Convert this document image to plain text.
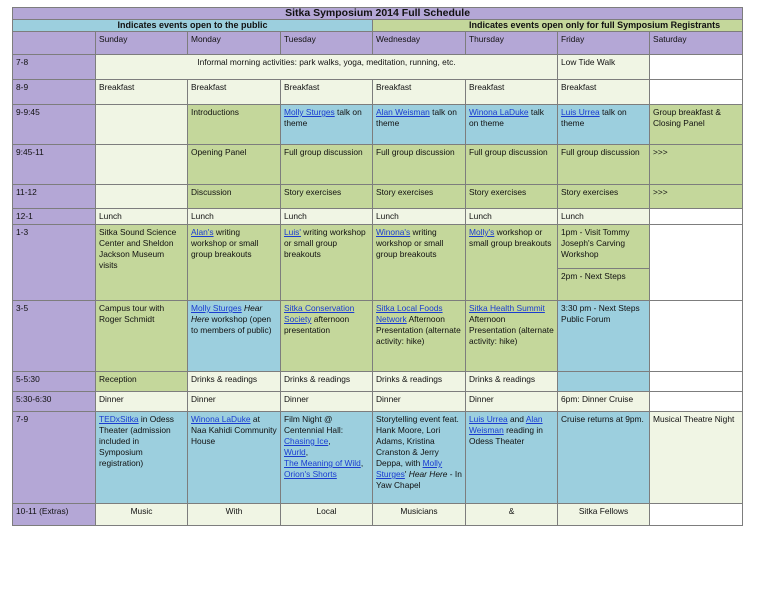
Sitka Symposium 2014 Full Schedule							
Indicates events open to the public				Indicates events open only for full Symposium Registrants			
	Sunday	Monday	Tuesday	Wednesday	Thursday	Friday	Saturday
7-8	Informal morning activities: park walks, yoga, meditation, running, etc.					Low Tide Walk	
8-9	Breakfast	Breakfast	Breakfast	Breakfast	Breakfast	Breakfast	
9-9:45		Introductions	Molly Sturges talk on theme	Alan Weisman talk on theme	Winona LaDuke talk on theme	Luis Urrea talk on theme	Group breakfast & Closing Panel
9:45-11		Opening Panel	Full group discussion	Full group discussion	Full group discussion	Full group discussion	>>>
11-12		Discussion	Story exercises	Story exercises	Story exercises	Story exercises	>>>
12-1	Lunch	Lunch	Lunch	Lunch	Lunch	Lunch	
1-3	Sitka Sound Science Center and Sheldon Jackson Museum visits	Alan's writing workshop or small group breakouts	Luis' writing workshop or small group breakouts	Winona's writing workshop or small group breakouts	Molly's workshop or small group breakouts	1pm - Visit Tommy Joseph's Carving Workshop	
						2pm - Next Steps	
3-5	Campus tour with Roger Schmidt	Molly Sturges Hear Here workshop (open to members of public)	Sitka Conservation Society afternoon presentation	Sitka Local Foods Network Afternoon Presentation (alternate activity: hike)	Sitka Health Summit Afternoon Presentation (alternate activity: hike)	3:30 pm - Next Steps Public Forum	
5-5:30	Reception	Drinks & readings	Drinks & readings	Drinks & readings	Drinks & readings		
5:30-6:30	Dinner	Dinner	Dinner	Dinner	Dinner	6pm: Dinner Cruise	
7-9	TEDxSitka in Odess Theater (admission included in Symposium registration)	Winona LaDuke at Naa Kahidi Community House	Film Night @ Centennial Hall:
Chasing Ice,
Wurld,
The Meaning of Wild,
Orion's Shorts	Storytelling event feat. Hank Moore, Lori Adams, Kristina Cranston & Jerry Deppa, with Molly Sturges' Hear Here - In Yaw Chapel	Luis Urrea and Alan Weisman reading in Odess Theater	Cruise returns at 9pm.	Musical Theatre Night
10-11 (Extras)	Music	With	Local	Musicians	&	Sitka Fellows	
